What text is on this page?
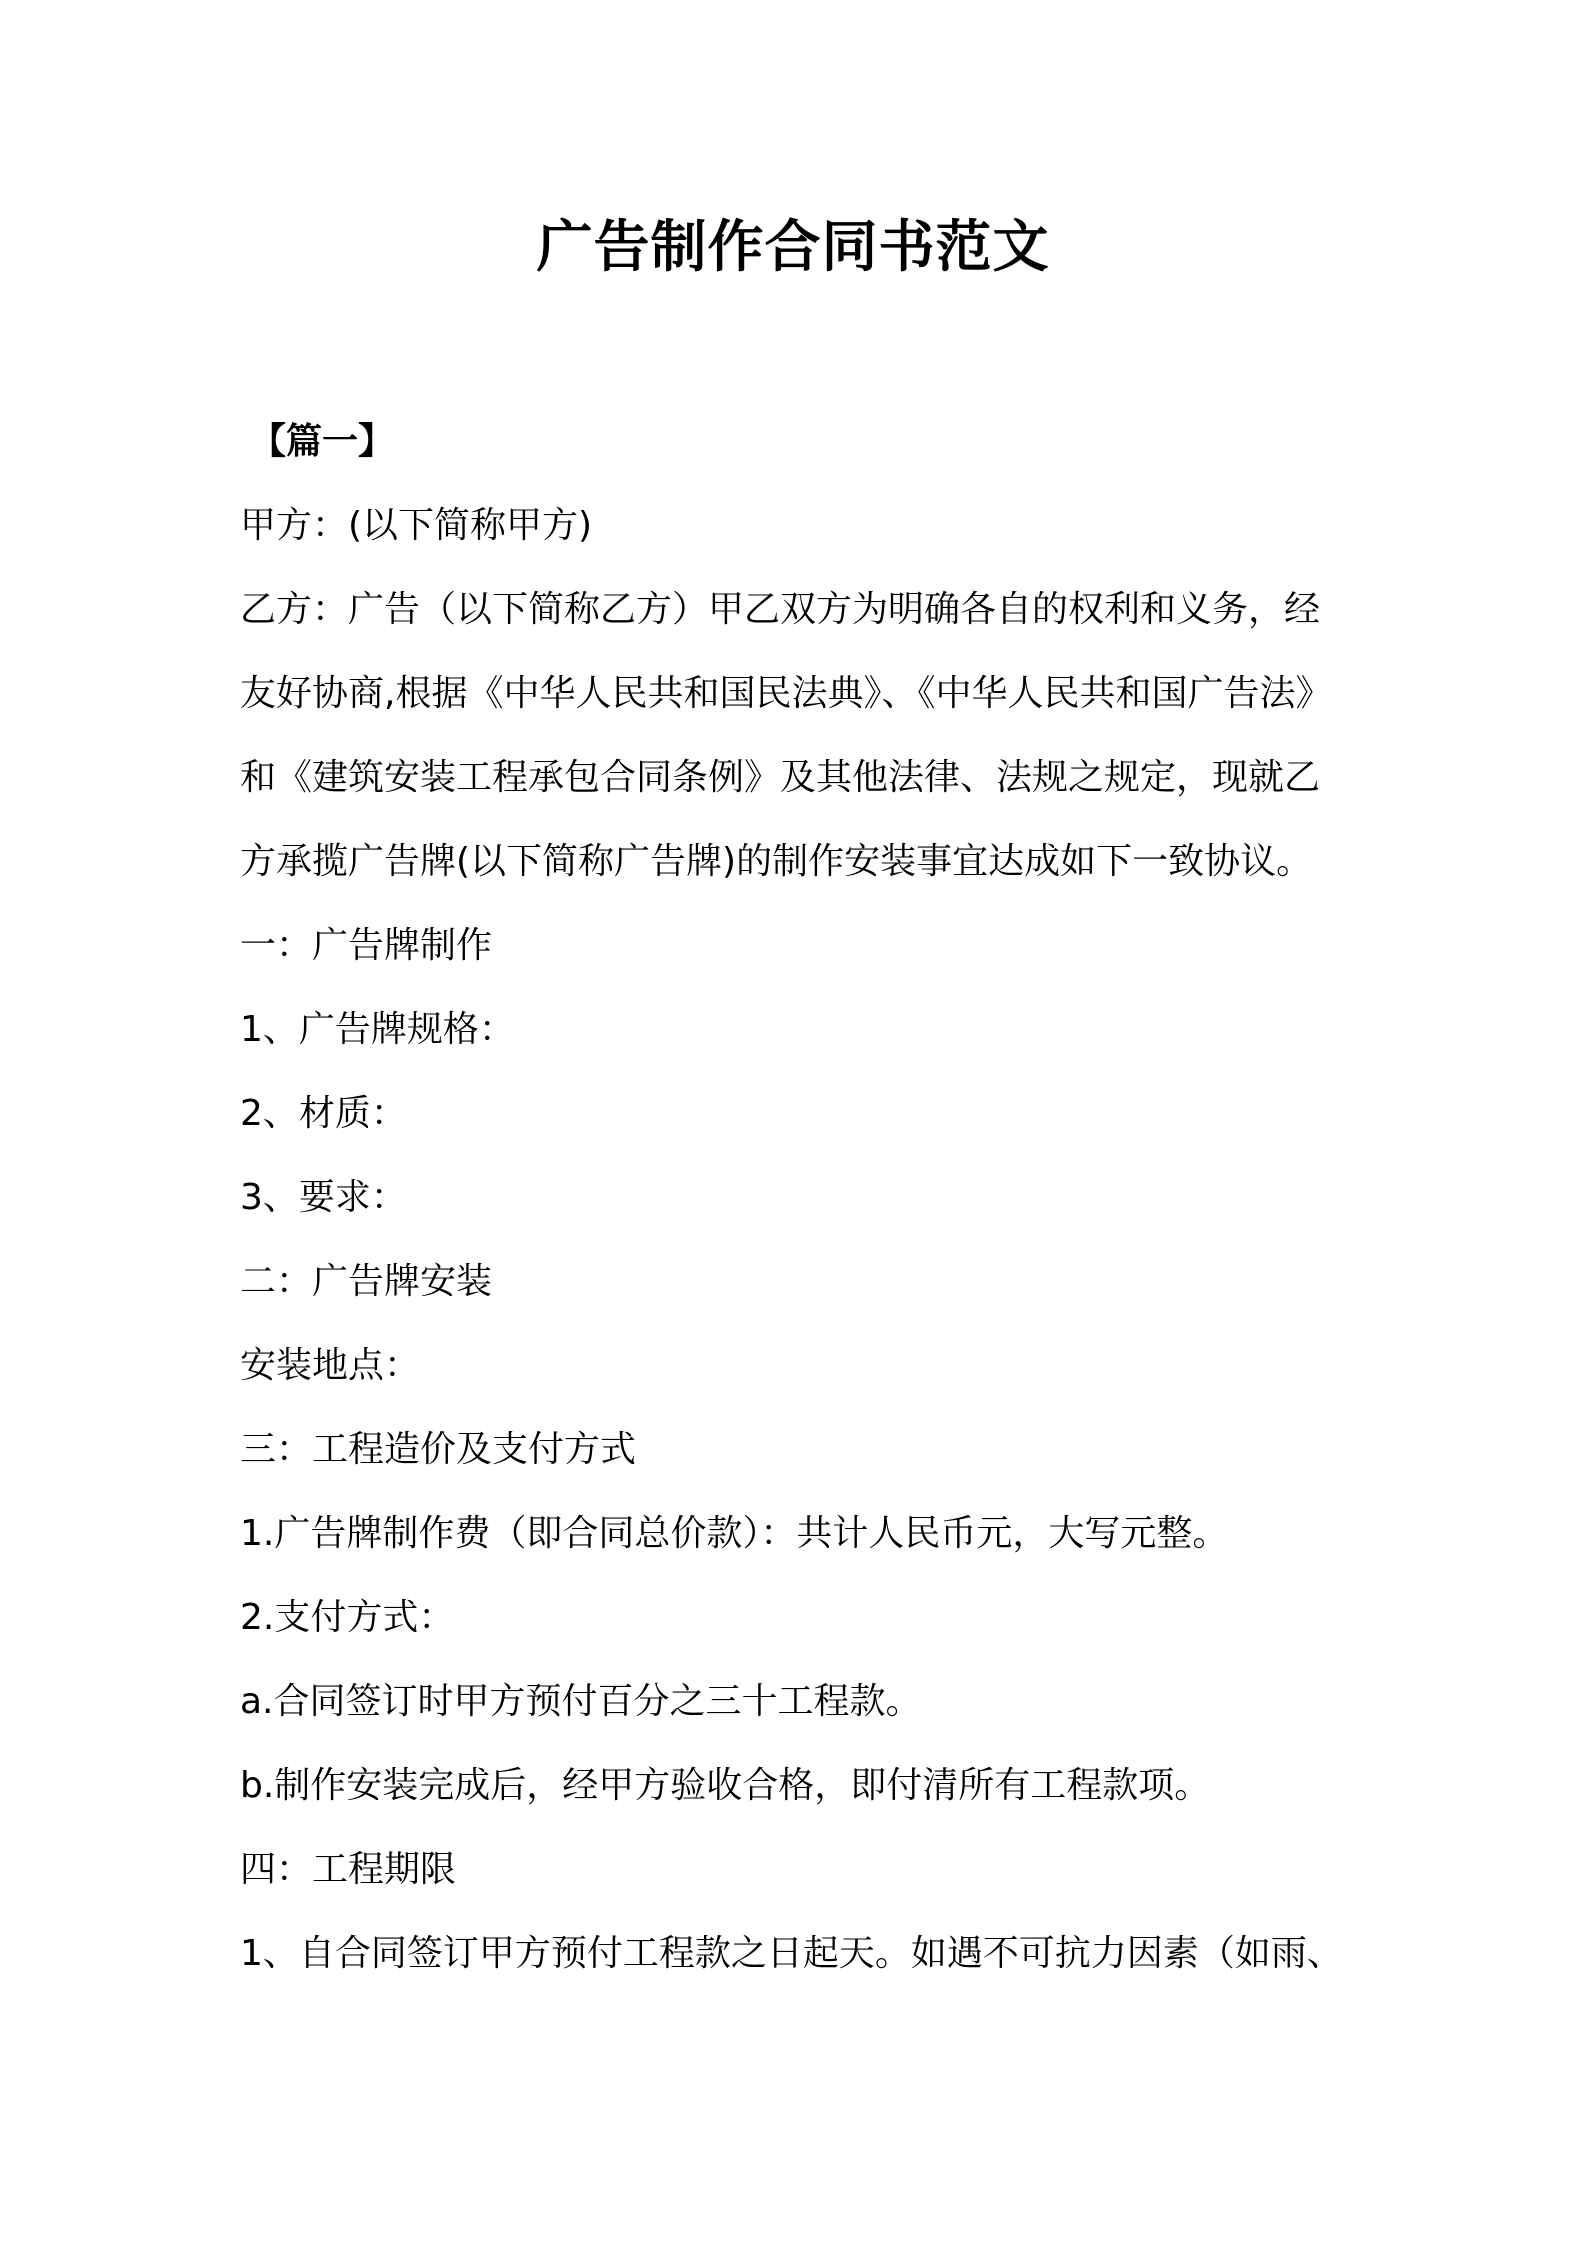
广告制作合同书范文
【篇一】
甲方：(以下简称甲方)
乙方：广告（以下简称乙方）甲乙双方为明确各自的权利和义务，经
友好协商,根据《中华人民共和国民法典》、《中华人民共和国广告法》
和《建筑安装工程承包合同条例》及其他法律、法规之规定，现就乙
方承揽广告牌(以下简称广告牌)的制作安装事宜达成如下一致协议。
一：广告牌制作
1、广告牌规格：
2、材质：
3、要求：
二：广告牌安装
安装地点：
三：工程造价及支付方式
1.广告牌制作费（即合同总价款）：共计人民币元，大写元整。
2.支付方式：
a.合同签订时甲方预付百分之三十工程款。
b.制作安装完成后，经甲方验收合格，即付清所有工程款项。
四：工程期限
1、自合同签订甲方预付工程款之日起天。如遇不可抗力因素（如雨、
